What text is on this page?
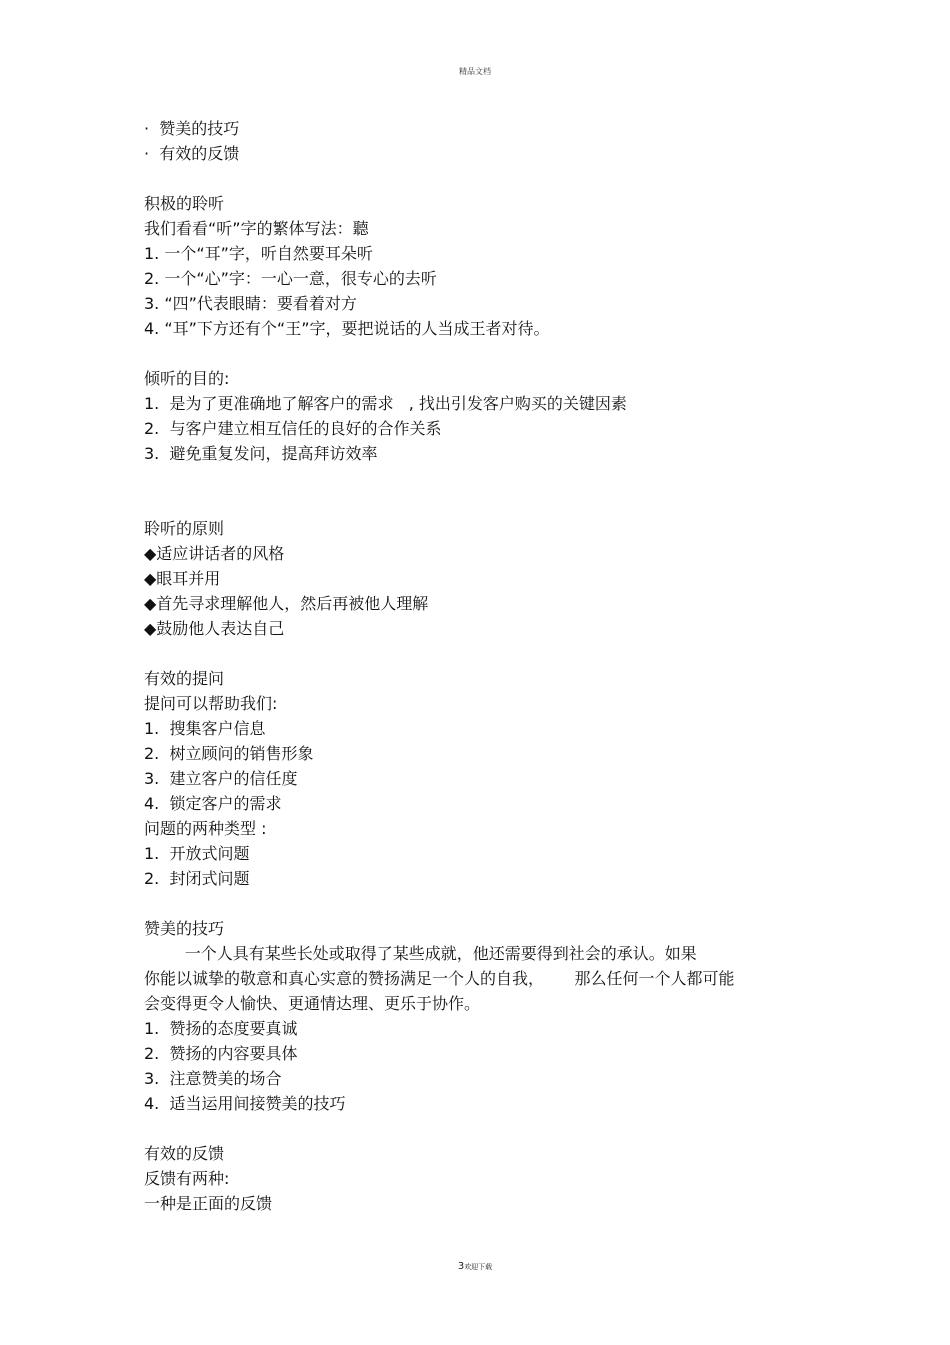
精品文档
·  赞美的技巧
·  有效的反馈
积极的聆听
我们看看“听”字的繁体写法：聽
1. 一个“耳”字，听自然要耳朵听
2. 一个“心”字：一心一意，很专心的去听
3. “四”代表眼睛：要看着对方
4. “耳”下方还有个“王”字，要把说话的人当成王者对待。
倾听的目的:
1.  是为了更准确地了解客户的需求   , 找出引发客户购买的关键因素
2.  与客户建立相互信任的良好的合作关系
3.  避免重复发问，提高拜访效率
聆听的原则
◆适应讲话者的风格
◆眼耳并用
◆首先寻求理解他人，然后再被他人理解
◆鼓励他人表达自己
有效的提问
提问可以帮助我们:
1.  搜集客户信息
2.  树立顾问的销售形象
3.  建立客户的信任度
4.  锁定客户的需求
问题的两种类型 :
1.  开放式问题
2.  封闭式问题
赞美的技巧
一个人具有某些长处或取得了某些成就，他还需要得到社会的承认。如果
你能以诚挚的敬意和真心实意的赞扬满足一个人的自我，      那么任何一个人都可能
会变得更令人愉快、更通情达理、更乐于协作。
1.  赞扬的态度要真诚
2.  赞扬的内容要具体
3.  注意赞美的场合
4.  适当运用间接赞美的技巧
有效的反馈
反馈有两种:
一种是正面的反馈
3欢迎下载
